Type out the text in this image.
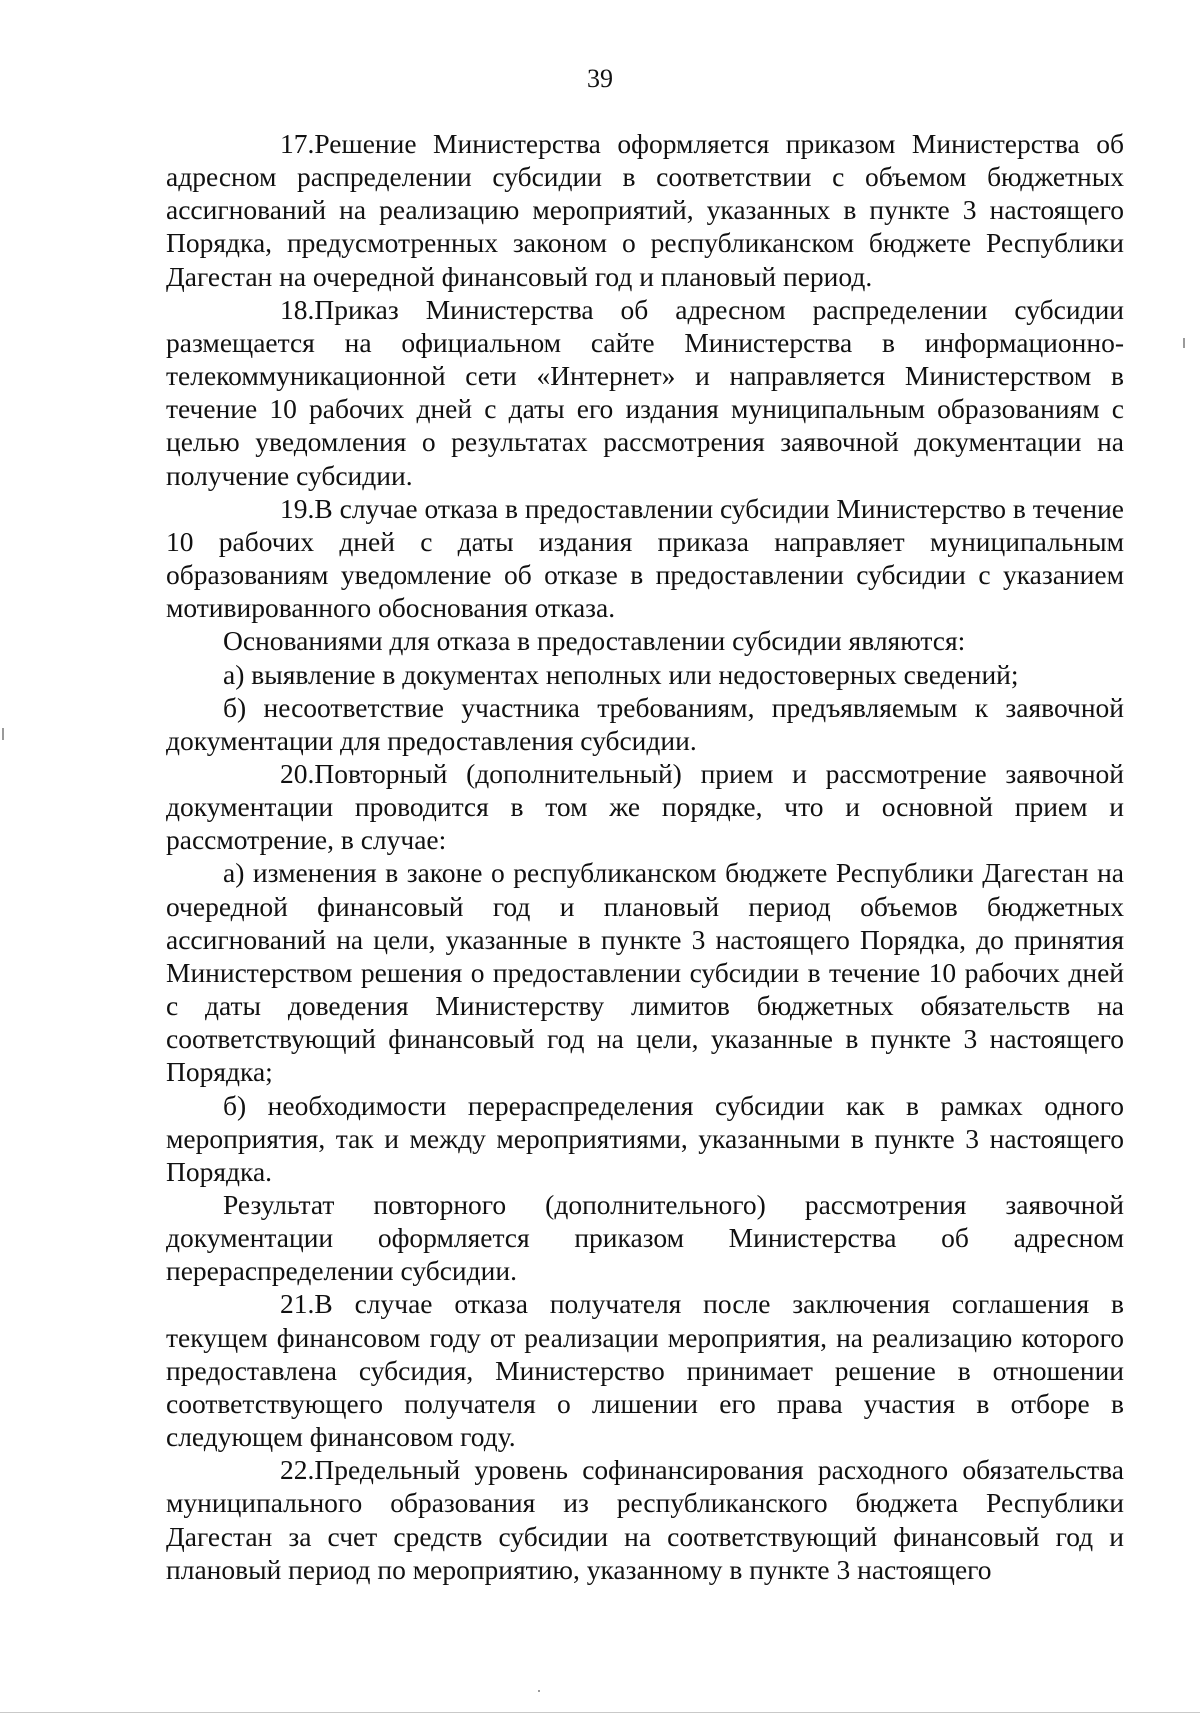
39

17.Решение Министерства оформляется приказом Министерства об адресном распределении субсидии в соответствии с объемом бюджетных ассигнований на реализацию мероприятий, указанных в пункте 3 настоящего Порядка, предусмотренных законом о республиканском бюджете Республики Дагестан на очередной финансовый год и плановый период.

18.Приказ Министерства об адресном распределении субсидии размещается на официальном сайте Министерства в информационно-телекоммуникационной сети «Интернет» и направляется Министерством в течение 10 рабочих дней с даты его издания муниципальным образованиям с целью уведомления о результатах рассмотрения заявочной документации на получение субсидии.

19.В случае отказа в предоставлении субсидии Министерство в течение 10 рабочих дней с даты издания приказа направляет муниципальным образованиям уведомление об отказе в предоставлении субсидии с указанием мотивированного обоснования отказа.

Основаниями для отказа в предоставлении субсидии являются:

а) выявление в документах неполных или недостоверных сведений;

б) несоответствие участника требованиям, предъявляемым к заявочной документации для предоставления субсидии.

20.Повторный (дополнительный) прием и рассмотрение заявочной документации проводится в том же порядке, что и основной прием и рассмотрение, в случае:

а) изменения в законе о республиканском бюджете Республики Дагестан на очередной финансовый год и плановый период объемов бюджетных ассигнований на цели, указанные в пункте 3 настоящего Порядка, до принятия Министерством решения о предоставлении субсидии в течение 10 рабочих дней с даты доведения Министерству лимитов бюджетных обязательств на соответствующий финансовый год на цели, указанные в пункте 3 настоящего Порядка;

б) необходимости перераспределения субсидии как в рамках одного мероприятия, так и между мероприятиями, указанными в пункте 3 настоящего Порядка.

Результат повторного (дополнительного) рассмотрения заявочной документации оформляется приказом Министерства об адресном перераспределении субсидии.

21.В случае отказа получателя после заключения соглашения в текущем финансовом году от реализации мероприятия, на реализацию которого предоставлена субсидия, Министерство принимает решение в отношении соответствующего получателя о лишении его права участия в отборе в следующем финансовом году.

22.Предельный уровень софинансирования расходного обязательства муниципального образования из республиканского бюджета Республики Дагестан за счет средств субсидии на соответствующий финансовый год и плановый период по мероприятию, указанному в пункте 3 настоящего
